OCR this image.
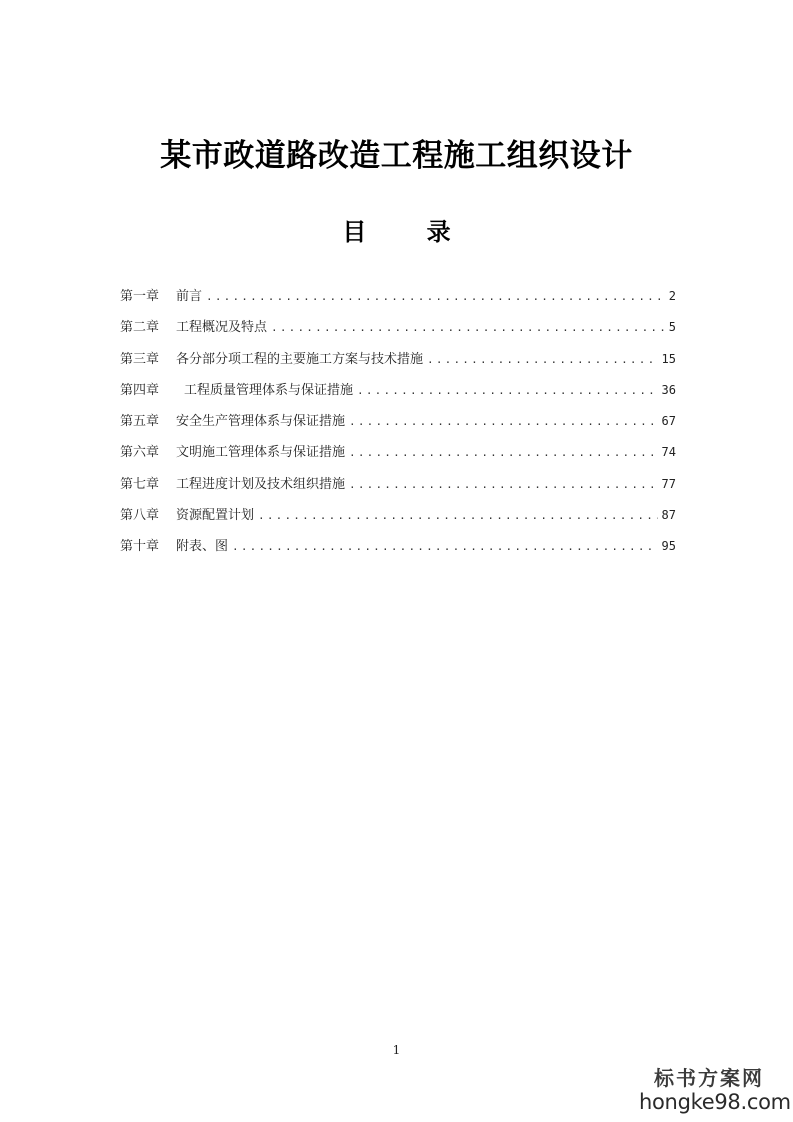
某市政道路改造工程施工组织设计
目 录
第一章	前言 .....	2
第二章	工程概况及特点 .....	5
第三章	各分部分项工程的主要施工方案与技术措施 .....	15
第四章	工程质量管理体系与保证措施 .....	36
第五章	安全生产管理体系与保证措施 .....	67
第六章	文明施工管理体系与保证措施 .....	74
第七章	工程进度计划及技术组织措施 .....	77
第八章	资源配置计划 .....	87
第十章	附表、图 .....	95
1
标书方案网
hongke98.com
